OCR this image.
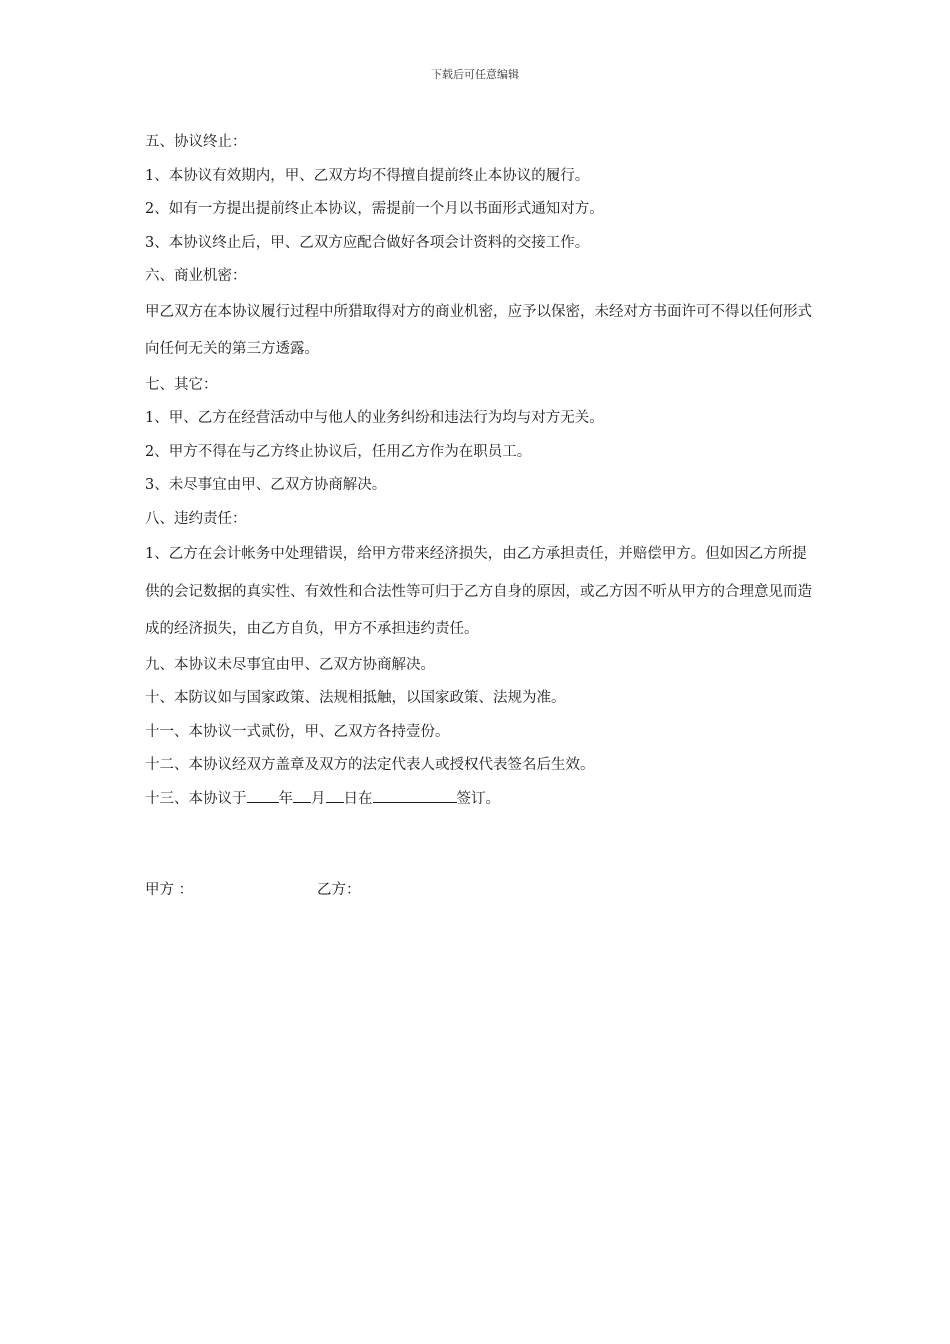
下载后可任意编辑
五、协议终止：
1、本协议有效期内，甲、乙双方均不得擅自提前终止本协议的履行。
2、如有一方提出提前终止本协议，需提前一个月以书面形式通知对方。
3、本协议终止后，甲、乙双方应配合做好各项会计资料的交接工作。
六、商业机密：
甲乙双方在本协议履行过程中所猎取得对方的商业机密，应予以保密，未经对方书面许可不得以任何形式向任何无关的第三方透露。
七、其它：
1、甲、乙方在经营活动中与他人的业务纠纷和违法行为均与对方无关。
2、甲方不得在与乙方终止协议后，任用乙方作为在职员工。
3、未尽事宜由甲、乙双方协商解决。
八、违约责任：
1、乙方在会计帐务中处理错误，给甲方带来经济损失，由乙方承担责任，并赔偿甲方。但如因乙方所提供的会记数据的真实性、有效性和合法性等可归于乙方自身的原因，或乙方因不听从甲方的合理意见而造成的经济损失，由乙方自负，甲方不承担违约责任。
九、本协议未尽事宜由甲、乙双方协商解决。
十、本防议如与国家政策、法规相抵触，以国家政策、法规为准。
十一、本协议一式贰份，甲、乙双方各持壹份。
十二、本协议经双方盖章及双方的法定代表人或授权代表签名后生效。
十三、本协议于 年 月 日在	签订。
甲方 ：	乙方：
